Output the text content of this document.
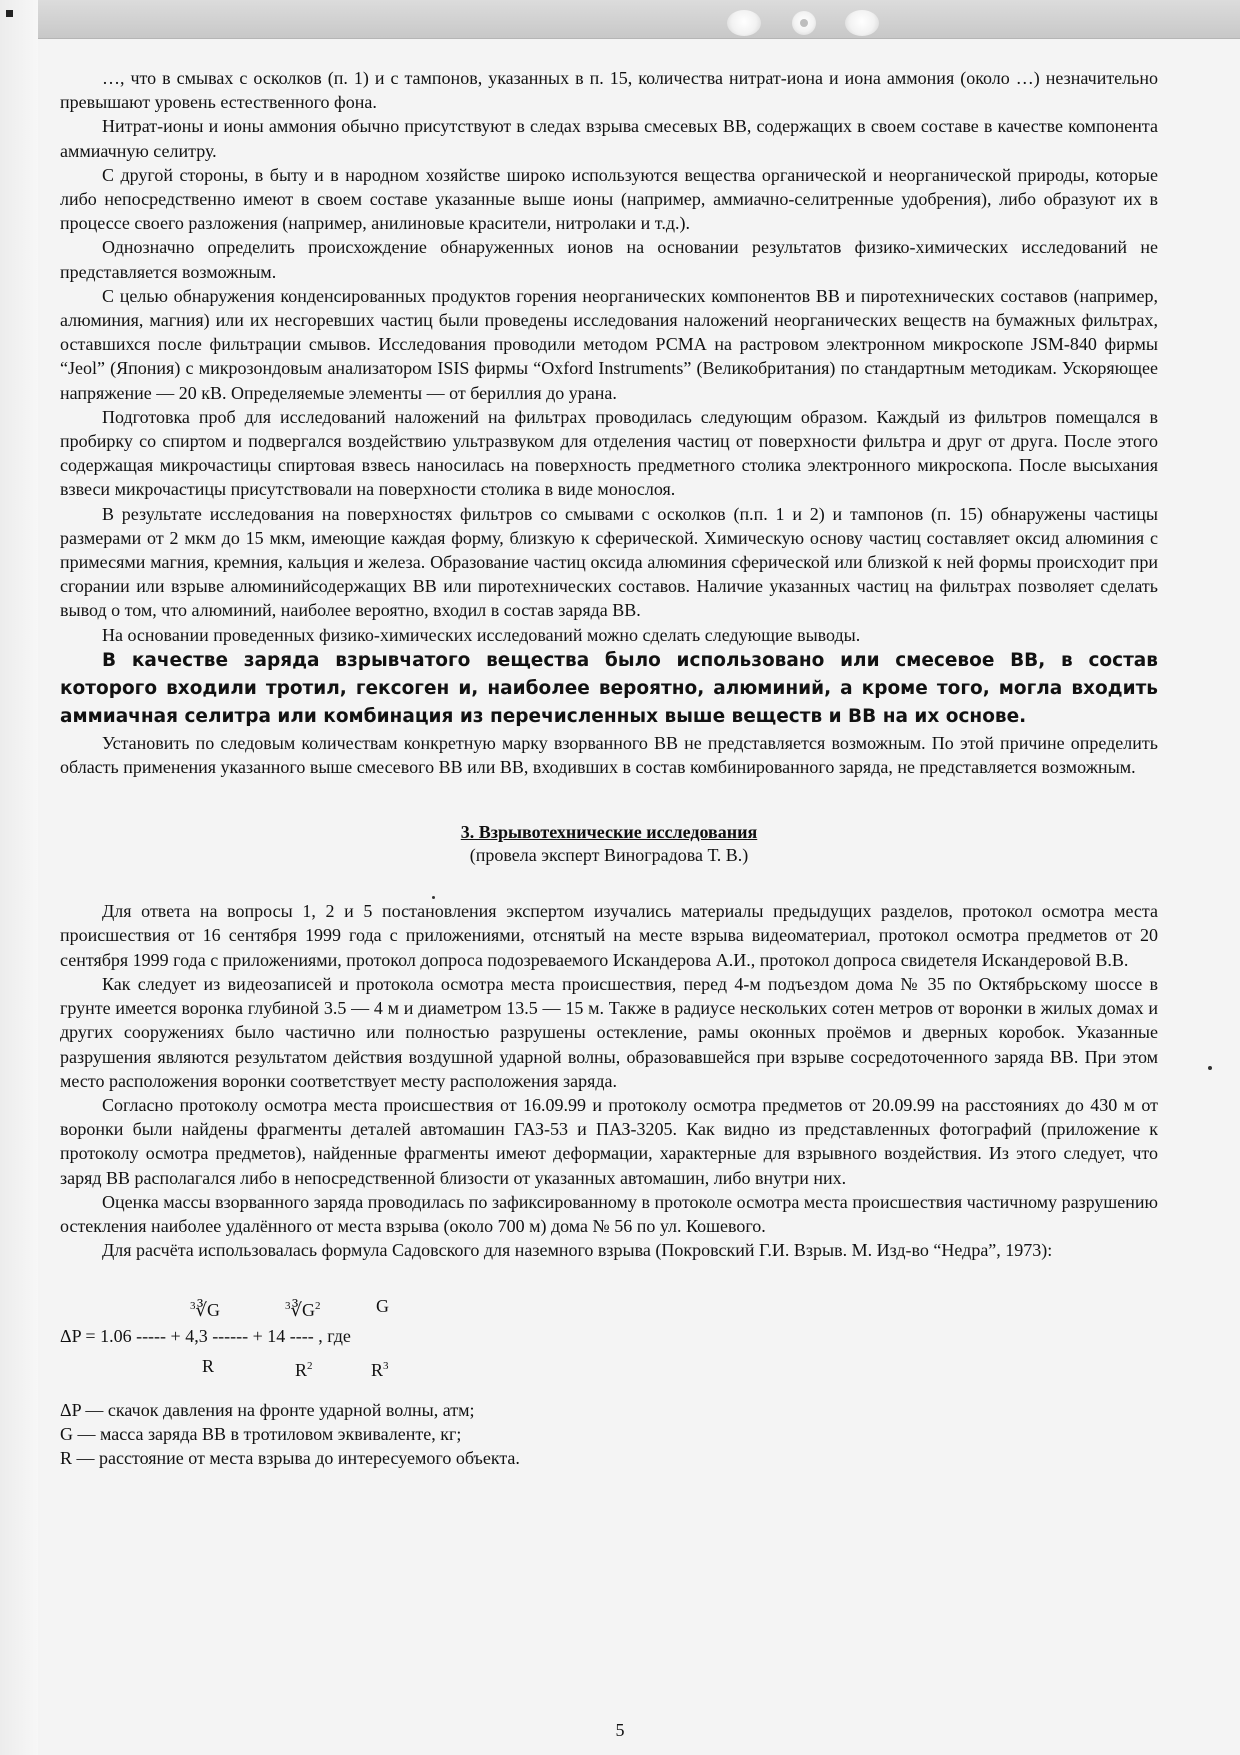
…, что в смывах с осколков (п. 1) и с тампонов, указанных в п. 15, количества нитрат-иона и иона аммония (около …) незначительно превышают уровень естественного фона.

Нитрат-ионы и ионы аммония обычно присутствуют в следах взрыва смесевых ВВ, содержащих в своем составе в качестве компонента аммиачную селитру.

С другой стороны, в быту и в народном хозяйстве широко используются вещества органической и неорганической природы, которые либо непосредственно имеют в своем составе указанные выше ионы (например, аммиачно-селитренные удобрения), либо образуют их в процессе своего разложения (например, анилиновые красители, нитролаки и т.д.).

Однозначно определить происхождение обнаруженных ионов на основании результатов физико-химических исследований не представляется возможным.

С целью обнаружения конденсированных продуктов горения неорганических компонентов ВВ и пиротехнических составов (например, алюминия, магния) или их несгоревших частиц были проведены исследования наложений неорганических веществ на бумажных фильтрах, оставшихся после фильтрации смывов. Исследования проводили методом РСМА на растровом электронном микроскопе JSM-840 фирмы “Jeol” (Япония) с микрозондовым анализатором ISIS фирмы “Oxford Instruments” (Великобритания) по стандартным методикам. Ускоряющее напряжение — 20 кВ. Определяемые элементы — от бериллия до урана.

Подготовка проб для исследований наложений на фильтрах проводилась следующим образом. Каждый из фильтров помещался в пробирку со спиртом и подвергался воздействию ультразвуком для отделения частиц от поверхности фильтра и друг от друга. После этого содержащая микрочастицы спиртовая взвесь наносилась на поверхность предметного столика электронного микроскопа. После высыхания взвеси микрочастицы присутствовали на поверхности столика в виде монослоя.

В результате исследования на поверхностях фильтров со смывами с осколков (п.п. 1 и 2) и тампонов (п. 15) обнаружены частицы размерами от 2 мкм до 15 мкм, имеющие каждая форму, близкую к сферической. Химическую основу частиц составляет оксид алюминия с примесями магния, кремния, кальция и железа. Образование частиц оксида алюминия сферической или близкой к ней формы происходит при сгорании или взрыве алюминийсодержащих ВВ или пиротехнических составов. Наличие указанных частиц на фильтрах позволяет сделать вывод о том, что алюминий, наиболее вероятно, входил в состав заряда ВВ.

На основании проведенных физико-химических исследований можно сделать следующие выводы.

В качестве заряда взрывчатого вещества было использовано или смесевое ВВ, в состав которого входили тротил, гексоген и, наиболее вероятно, алюминий, а кроме того, могла входить аммиачная селитра или комбинация из перечисленных выше веществ и ВВ на их основе.

Установить по следовым количествам конкретную марку взорванного ВВ не представляется возможным. По этой причине определить область применения указанного выше смесевого ВВ или ВВ, входивших в состав комбинированного заряда, не представляется возможным.

3. Взрывотехнические исследования
(провела эксперт Виноградова Т. В.)

Для ответа на вопросы 1, 2 и 5 постановления экспертом изучались материалы предыдущих разделов, протокол осмотра места происшествия от 16 сентября 1999 года с приложениями, отснятый на месте взрыва видеоматериал, протокол осмотра предметов от 20 сентября 1999 года с приложениями, протокол допроса подозреваемого Искандерова А.И., протокол допроса свидетеля Искандеровой В.В.

Как следует из видеозаписей и протокола осмотра места происшествия, перед 4-м подъездом дома № 35 по Октябрьскому шоссе в грунте имеется воронка глубиной 3.5 — 4 м и диаметром 13.5 — 15 м. Также в радиусе нескольких сотен метров от воронки в жилых домах и других сооружениях было частично или полностью разрушены остекление, рамы оконных проёмов и дверных коробок. Указанные разрушения являются результатом действия воздушной ударной волны, образовавшейся при взрыве сосредоточенного заряда ВВ. При этом место расположения воронки соответствует месту расположения заряда.

Согласно протоколу осмотра места происшествия от 16.09.99 и протоколу осмотра предметов от 20.09.99 на расстояниях до 430 м от воронки были найдены фрагменты деталей автомашин ГАЗ-53 и ПАЗ-3205. Как видно из представленных фотографий (приложение к протоколу осмотра предметов), найденные фрагменты имеют деформации, характерные для взрывного воздействия. Из этого следует, что заряд ВВ располагался либо в непосредственной близости от указанных автомашин, либо внутри них.

Оценка массы взорванного заряда проводилась по зафиксированному в протоколе осмотра места происшествия частичному разрушению остекления наиболее удалённого от места взрыва (около 700 м) дома № 56 по ул. Кошевого.

Для расчёта использовалась формула Садовского для наземного взрыва (Покровский Г.И. Взрыв. М. Изд-во “Недра”, 1973):

$^3$∛G	$^3∛G^2$	G
ΔP = 1.06 ----- + 4,3 ------ + 14 ---- , где
R	$R^2$	$R^3$

ΔP — скачок давления на фронте ударной волны, атм;

G — масса заряда ВВ в тротиловом эквиваленте, кг;

R — расстояние от места взрыва до интересуемого объекта.

5
